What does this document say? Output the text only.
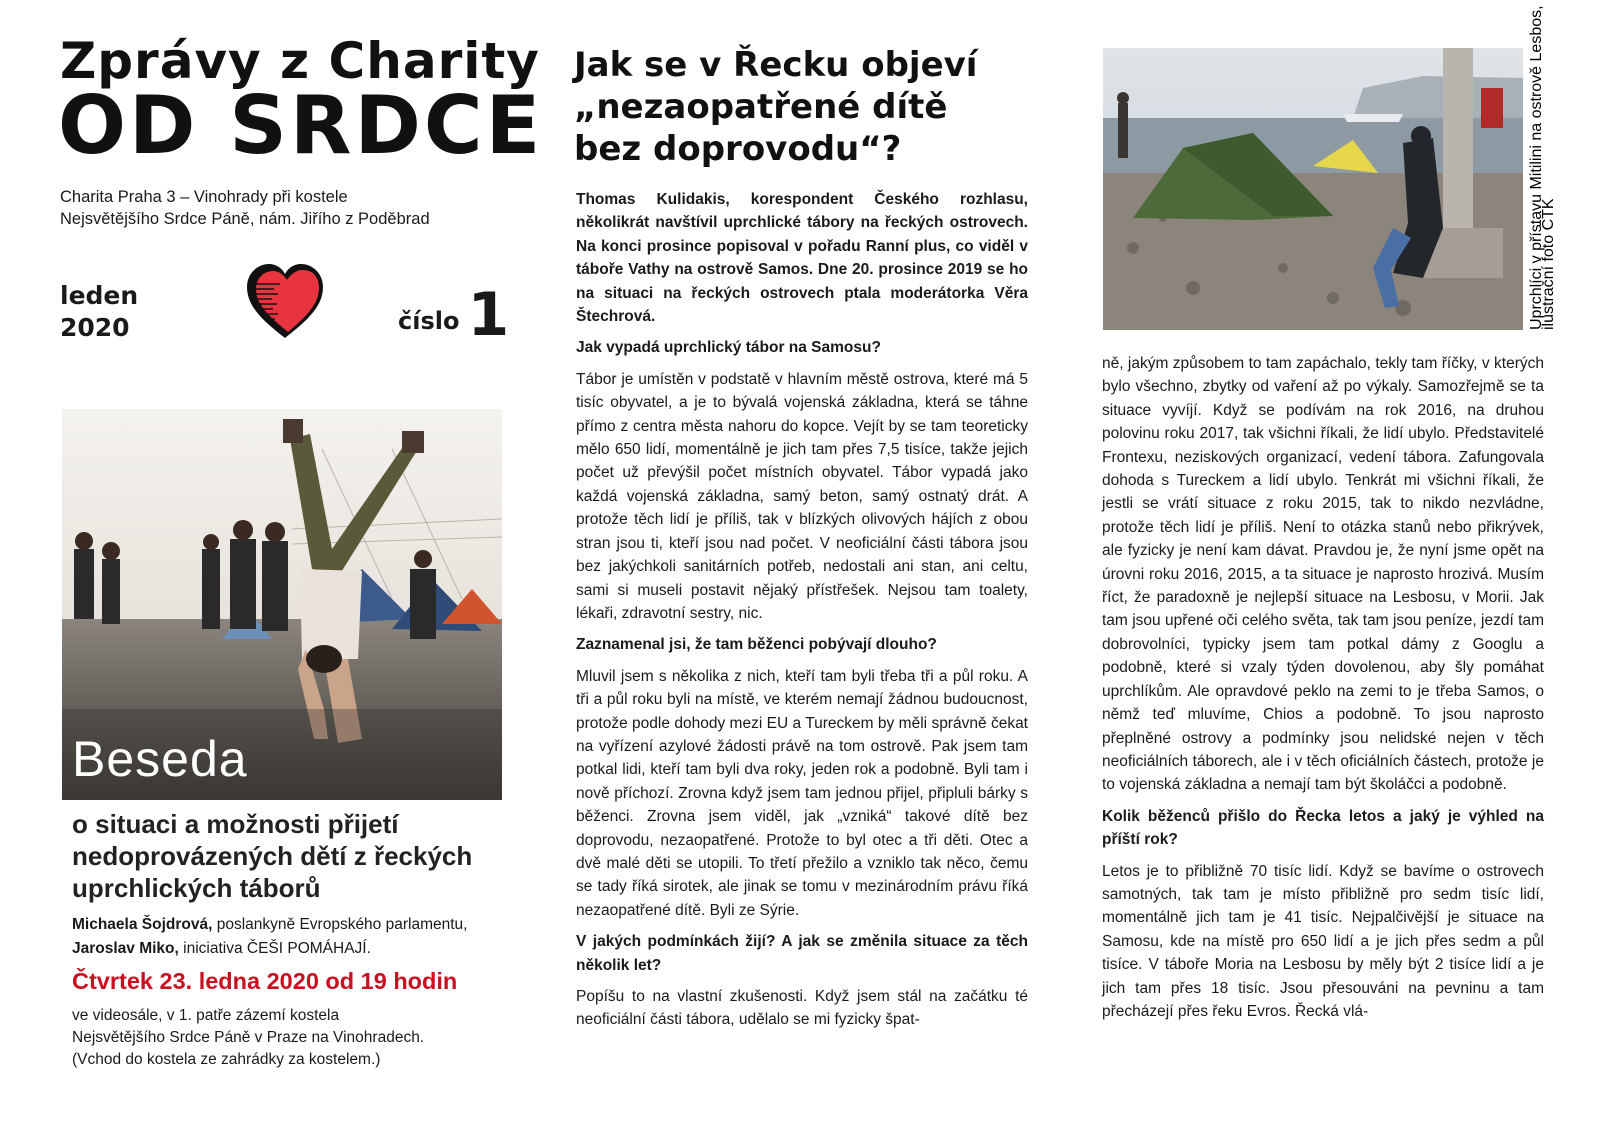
Zprávy z Charity
OD SRDCE
Charita Praha 3 – Vinohrady při kostele
Nejsvětějšího Srdce Páně, nám. Jiřího z Poděbrad
leden
2020	číslo 1
Beseda
o situaci a možnosti přijetí nedoprovázených dětí z řeckých uprchlických táborů
Michaela Šojdrová, poslankyně Evropského parlamentu,
Jaroslav Miko, iniciativa ČEŠI POMÁHAJÍ.
Čtvrtek 23. ledna 2020 od 19 hodin
ve videosále, v 1. patře zázemí kostela
Nejsvětějšího Srdce Páně v Praze na Vinohradech.
(Vchod do kostela ze zahrádky za kostelem.)
Jak se v Řecku objeví
„nezaopatřené dítě
bez doprovodu“?

Thomas Kulidakis, korespondent Českého rozhlasu, několikrát navštívil uprchlické tábory na řeckých ostrovech. Na konci prosince popisoval v pořadu Ranní plus, co viděl v táboře Vathy na ostrově Samos. Dne 20. prosince 2019 se ho na situaci na řeckých ostrovech ptala moderátorka Věra Štechrová.

Jak vypadá uprchlický tábor na Samosu?

Tábor je umístěn v podstatě v hlavním městě ostrova, které má 5 tisíc obyvatel, a je to bývalá vojenská základna, která se táhne přímo z centra města nahoru do kopce. Vejít by se tam teoreticky mělo 650 lidí, momentálně je jich tam přes 7,5 tisíce, takže jejich počet už převýšil počet místních obyvatel. Tábor vypadá jako každá vojenská základna, samý beton, samý ostnatý drát. A protože těch lidí je příliš, tak v blízkých olivových hájích z obou stran jsou ti, kteří jsou nad počet. V neoficiální části tábora jsou bez jakýchkoli sanitárních potřeb, nedostali ani stan, ani celtu, sami si museli postavit nějaký přístřešek. Nejsou tam toalety, lékaři, zdravotní sestry, nic.

Zaznamenal jsi, že tam běženci pobývají dlouho?

Mluvil jsem s několika z nich, kteří tam byli třeba tři a půl roku. A tři a půl roku byli na místě, ve kterém nemají žádnou budoucnost, protože podle dohody mezi EU a Tureckem by měli správně čekat na vyřízení azylové žádosti právě na tom ostrově. Pak jsem tam potkal lidi, kteří tam byli dva roky, jeden rok a podobně. Byli tam i nově příchozí. Zrovna když jsem tam jednou přijel, připluli bárky s běženci. Zrovna jsem viděl, jak „vzniká“ takové dítě bez doprovodu, nezaopatřené. Protože to byl otec a tři děti. Otec a dvě malé děti se utopili. To třetí přežilo a vzniklo tak něco, čemu se tady říká sirotek, ale jinak se tomu v mezinárodním právu říká nezaopatřené dítě. Byli ze Sýrie.

V jakých podmínkách žijí? A jak se změnila situace za těch několik let?

Popíšu to na vlastní zkušenosti. Když jsem stál na začátku té neoficiální části tábora, udělalo se mi fyzicky špat-

Uprchlíci v přístavu Mitilini na ostrově Lesbos,
ilustrační foto ČTK

ně, jakým způsobem to tam zapáchalo, tekly tam říčky, v kterých bylo všechno, zbytky od vaření až po výkaly. Samozřejmě se ta situace vyvíjí. Když se podívám na rok 2016, na druhou polovinu roku 2017, tak všichni říkali, že lidí ubylo. Představitelé Frontexu, neziskových organizací, vedení tábora. Zafungovala dohoda s Tureckem a lidí ubylo. Tenkrát mi všichni říkali, že jestli se vrátí situace z roku 2015, tak to nikdo nezvládne, protože těch lidí je příliš. Není to otázka stanů nebo přikrývek, ale fyzicky je není kam dávat. Pravdou je, že nyní jsme opět na úrovni roku 2016, 2015, a ta situace je naprosto hrozivá. Musím říct, že paradoxně je nejlepší situace na Lesbosu, v Morii. Jak tam jsou upřené oči celého světa, tak tam jsou peníze, jezdí tam dobrovolníci, typicky jsem tam potkal dámy z Googlu a podobně, které si vzaly týden dovolenou, aby šly pomáhat uprchlíkům. Ale opravdové peklo na zemi to je třeba Samos, o němž teď mluvíme, Chios a podobně. To jsou naprosto přeplněné ostrovy a podmínky jsou nelidské nejen v těch neoficiálních táborech, ale i v těch oficiálních částech, protože je to vojenská základna a nemají tam být školáčci a podobně.

Kolik běženců přišlo do Řecka letos a jaký je výhled na příští rok?

Letos je to přibližně 70 tisíc lidí. Když se bavíme o ostrovech samotných, tak tam je místo přibližně pro sedm tisíc lidí, momentálně jich tam je 41 tisíc. Nejpalčivější je situace na Samosu, kde na místě pro 650 lidí a je jich přes sedm a půl tisíce. V táboře Moria na Lesbosu by měly být 2 tisíce lidí a je jich tam přes 18 tisíc. Jsou přesouváni na pevninu a tam přecházejí přes řeku Evros. Řecká vlá-
